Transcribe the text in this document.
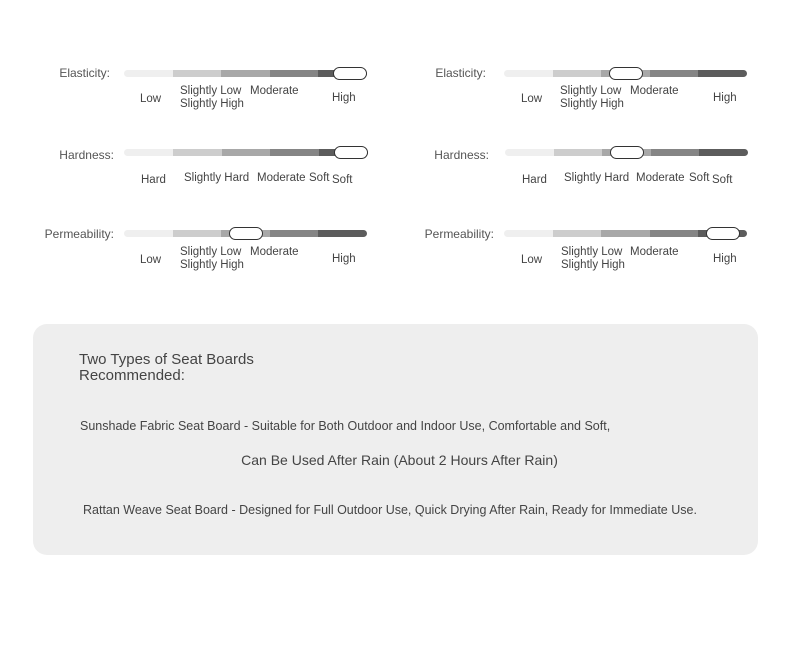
Elasticity:
Low
Slightly Low Moderate
Slightly High	High
Elasticity:
Low
Slightly Low Moderate
Slightly High	High
Hardness:
Hard Slightly Hard Moderate Soft Soft
Hardness:
Hard Slightly Hard Moderate Soft Soft
Permeability:
Low
Slightly Low Moderate
Slightly High	High
Permeability:
Low
Slightly Low Moderate
Slightly High	High
Two Types of Seat Boards Recommended:
Sunshade Fabric Seat Board - Suitable for Both Outdoor and Indoor Use, Comfortable and Soft,
Can Be Used After Rain (About 2 Hours After Rain)
Rattan Weave Seat Board - Designed for Full Outdoor Use, Quick Drying After Rain, Ready for Immediate Use.
